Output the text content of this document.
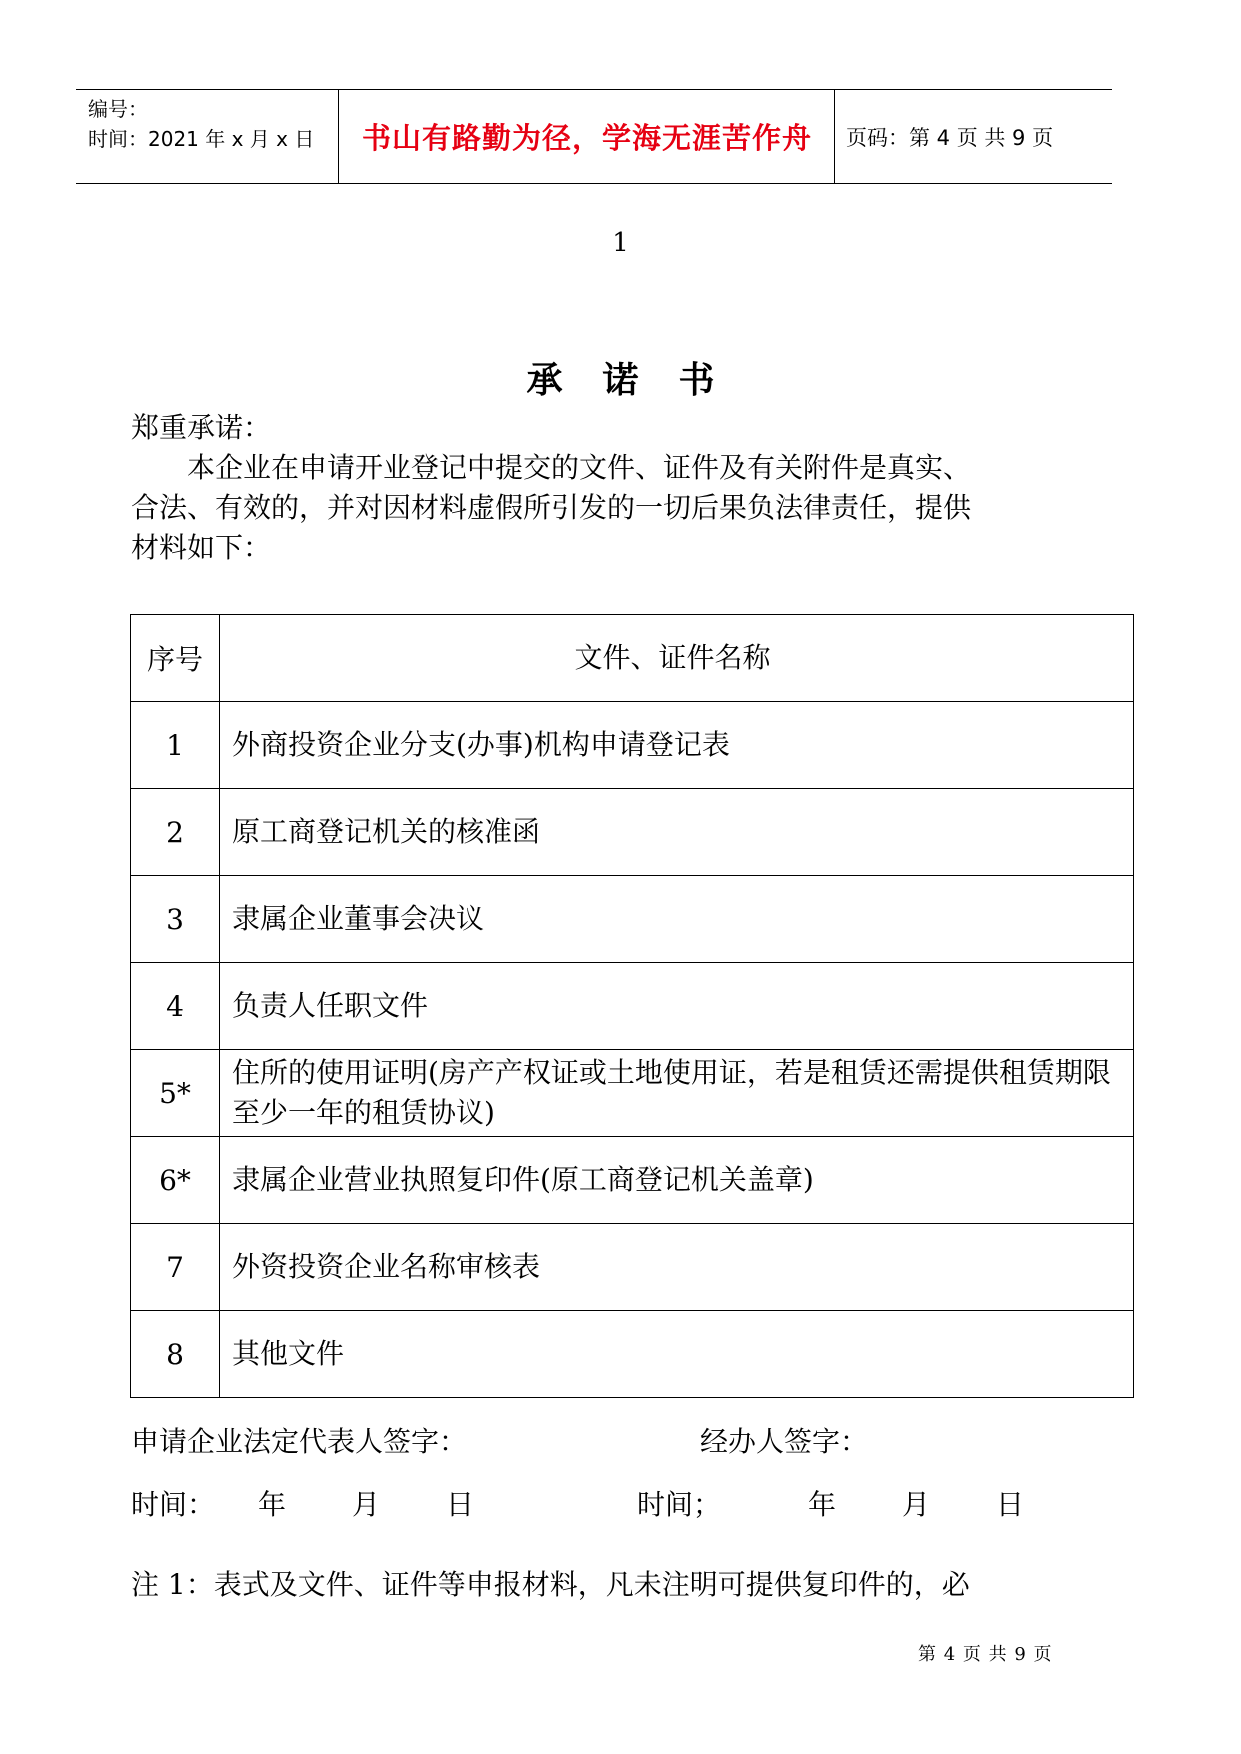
编号：
时间：2021 年 x 月 x 日	书山有路勤为径，学海无涯苦作舟	页码：第 4 页 共 9 页
1
承诺书
郑重承诺：
本企业在申请开业登记中提交的文件、证件及有关附件是真实、
合法、有效的，并对因材料虚假所引发的一切后果负法律责任，提供
材料如下：
序号	文件、证件名称
1	外商投资企业分支(办事)机构申请登记表
2	原工商登记机关的核准函
3	隶属企业董事会决议
4	负责人任职文件
5*	住所的使用证明(房产产权证或土地使用证，若是租赁还需提供租赁期限至少一年的租赁协议)
6*	隶属企业营业执照复印件(原工商登记机关盖章)
7	外资投资企业名称审核表
8	其他文件
申请企业法定代表人签字：	经办人签字：
时间： 年 月 日	时间；	年 月 日
注 1：表式及文件、证件等申报材料，凡未注明可提供复印件的，必
第 4 页 共 9 页
